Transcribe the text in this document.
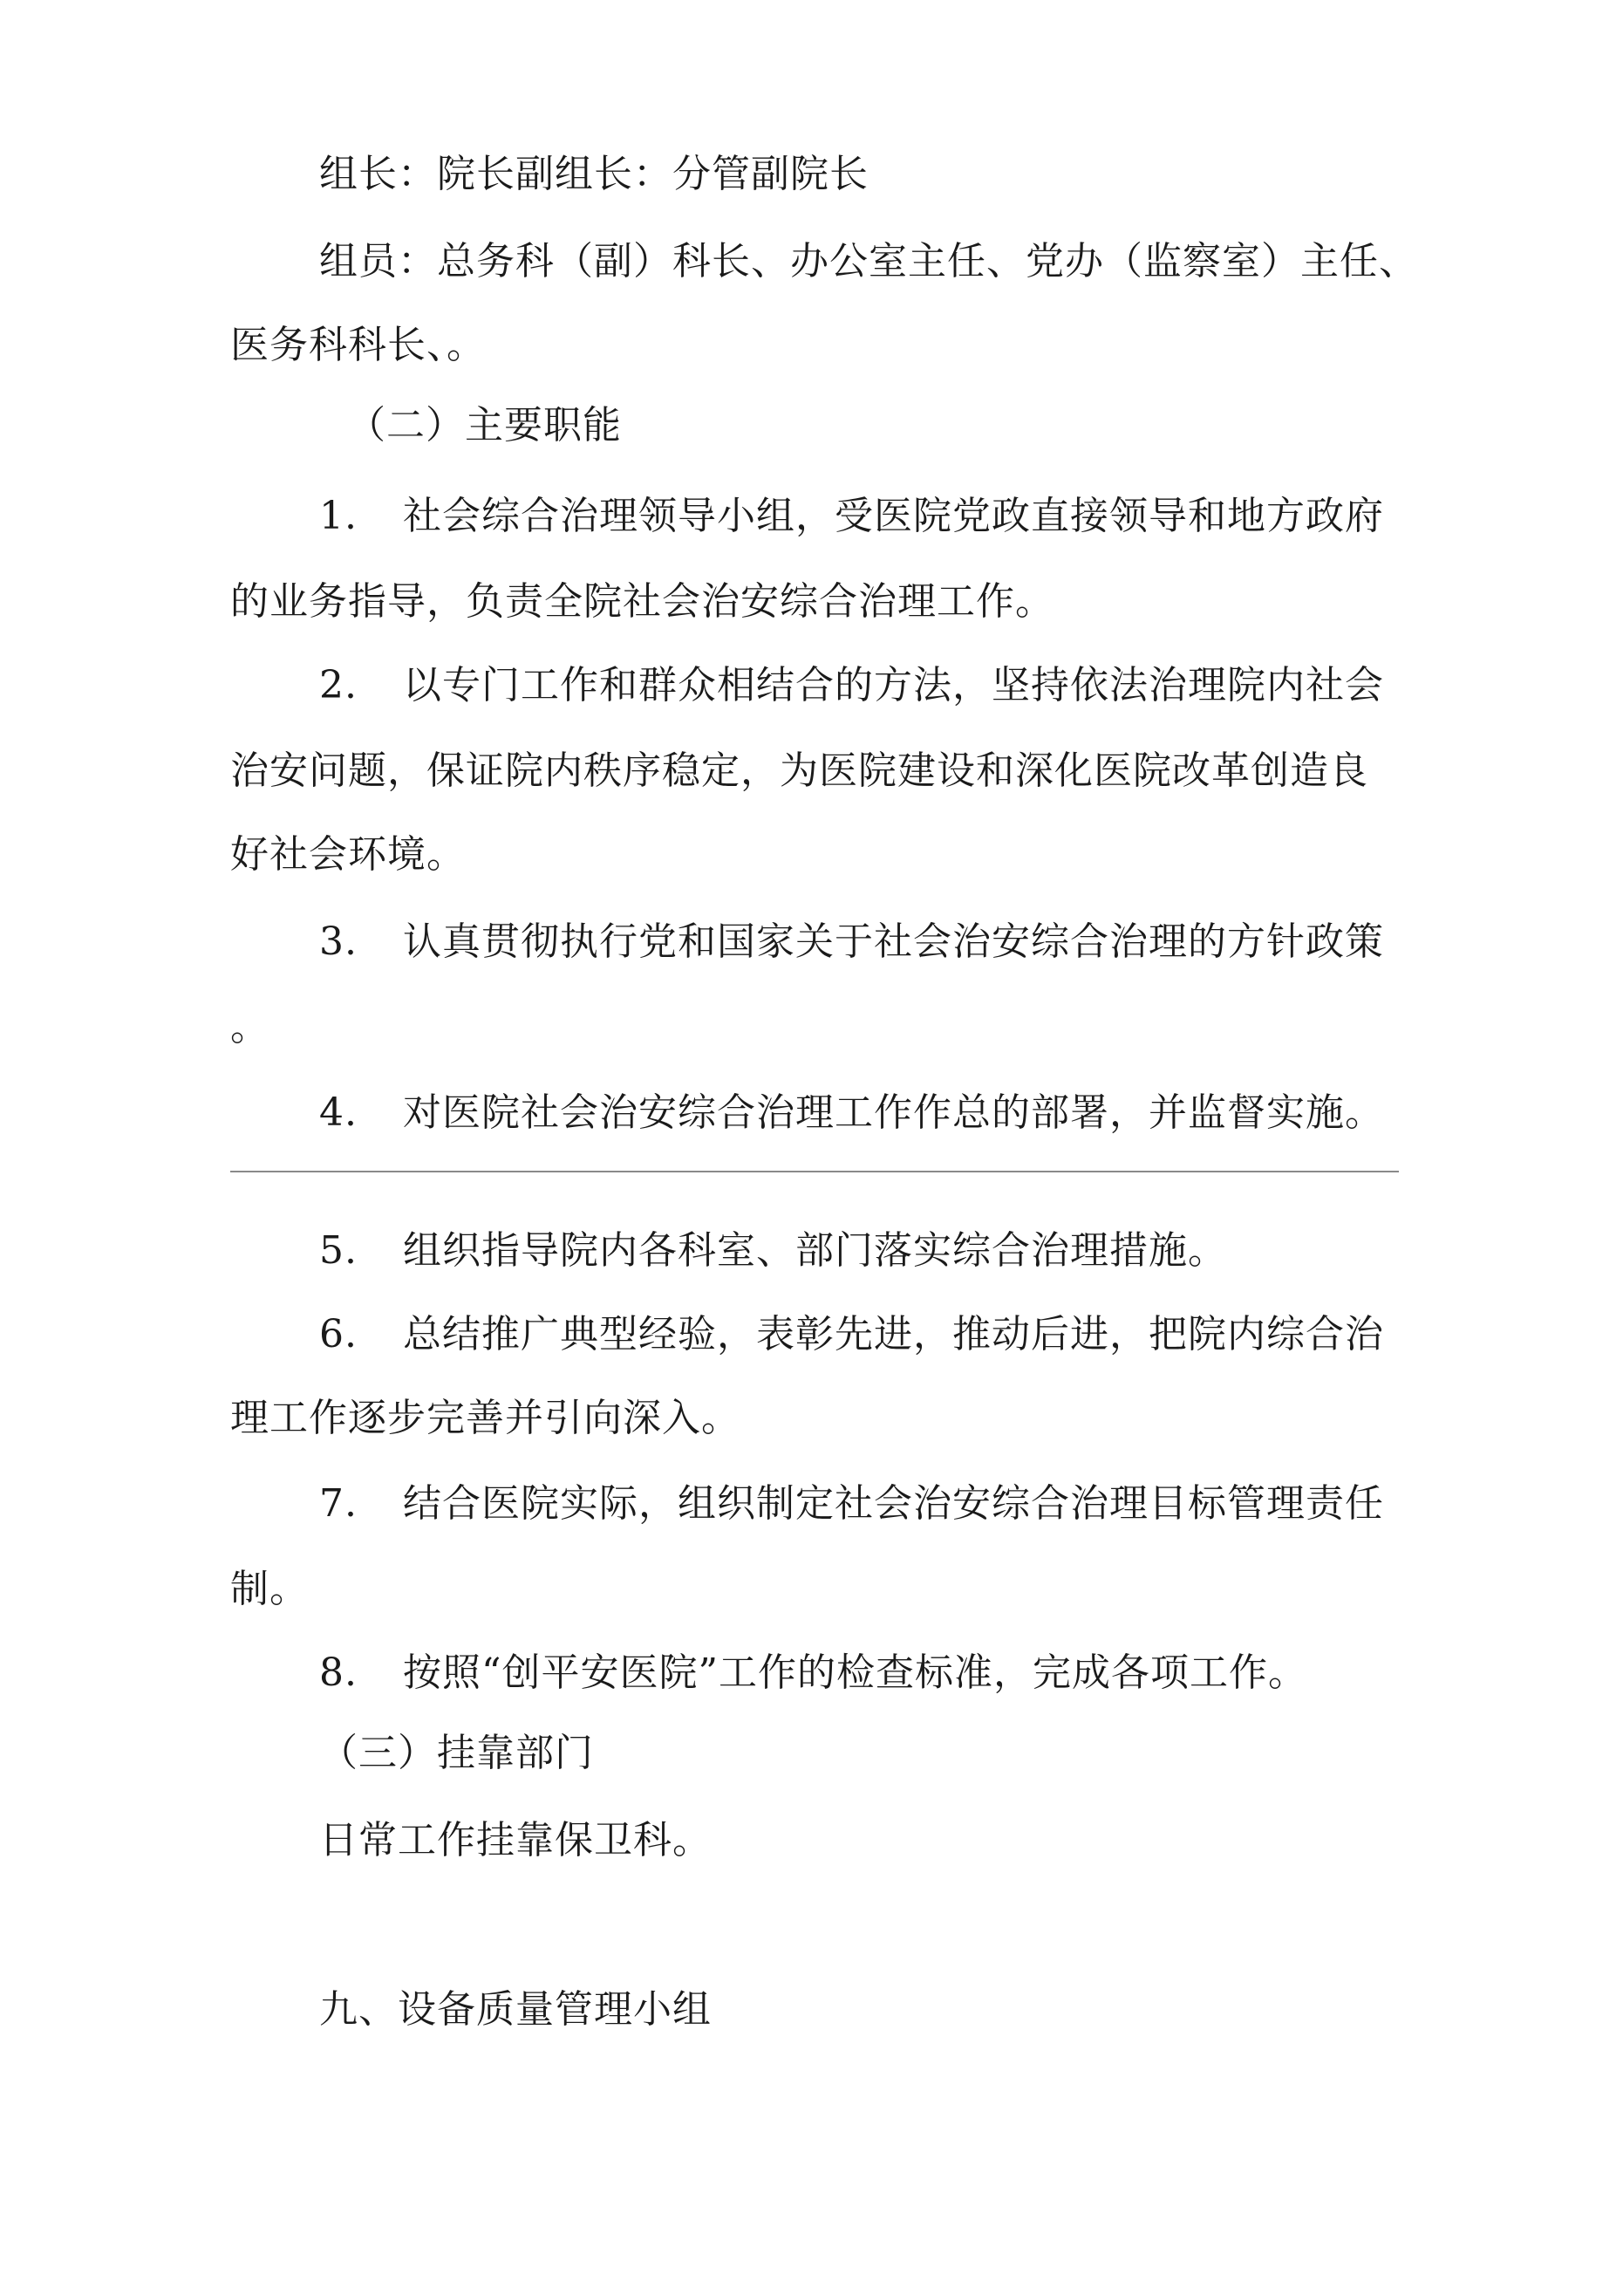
组长：院长副组长：分管副院长
组员：总务科（副）科长、办公室主任、党办（监察室）主任、
医务科科长、。
（二）主要职能
1. 社会综合治理领导小组，受医院党政直接领导和地方政府
的业务指导，负责全院社会治安综合治理工作。
2. 以专门工作和群众相结合的方法，坚持依法治理院内社会
治安问题，保证院内秩序稳定，为医院建设和深化医院改革创造良
好社会环境。
3. 认真贯彻执行党和国家关于社会治安综合治理的方针政策
。
4. 对医院社会治安综合治理工作作总的部署，并监督实施。
5. 组织指导院内各科室、部门落实综合治理措施。
6. 总结推广典型经验，表彰先进，推动后进，把院内综合治
理工作逐步完善并引向深入。
7. 结合医院实际，组织制定社会治安综合治理目标管理责任
制。
8. 按照“创平安医院”工作的检查标准，完成各项工作。
（三）挂靠部门
日常工作挂靠保卫科。
九、设备质量管理小组
